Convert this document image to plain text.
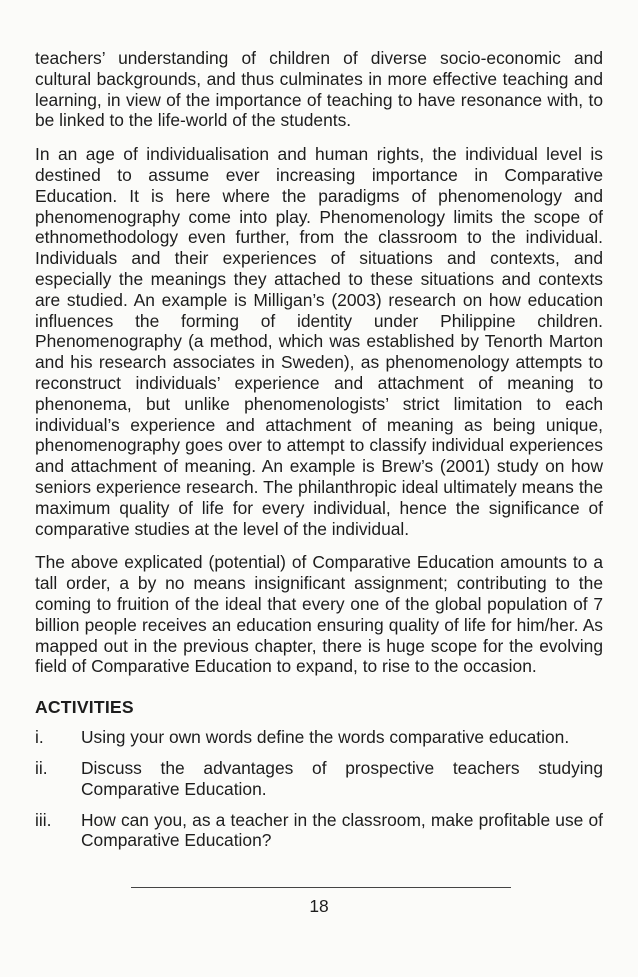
teachers’ understanding of children of diverse socio-economic and cultural backgrounds, and thus culminates in more effective teaching and learning, in view of the importance of teaching to have resonance with, to be linked to the life-world of the students.

In an age of individualisation and human rights, the individual level is destined to assume ever increasing importance in Comparative Education. It is here where the paradigms of phenomenology and phenomenography come into play. Phenomenology limits the scope of ethnomethodology even further, from the classroom to the individual. Individuals and their experiences of situations and contexts, and especially the meanings they attached to these situations and contexts are studied. An example is Milligan’s (2003) research on how education influences the forming of identity under Philippine children. Phenomenography (a method, which was established by Tenorth Marton and his research associates in Sweden), as phenomenology attempts to reconstruct individuals’ experience and attachment of meaning to phenonema, but unlike phenomenologists’ strict limitation to each individual’s experience and attachment of meaning as being unique, phenomenography goes over to attempt to classify individual experiences and attachment of meaning. An example is Brew’s (2001) study on how seniors experience research. The philanthropic ideal ultimately means the maximum quality of life for every individual, hence the significance of comparative studies at the level of the individual.

The above explicated (potential) of Comparative Education amounts to a tall order, a by no means insignificant assignment; contributing to the coming to fruition of the ideal that every one of the global population of 7 billion people receives an education ensuring quality of life for him/her. As mapped out in the previous chapter, there is huge scope for the evolving field of Comparative Education to expand, to rise to the occasion.

ACTIVITIES
i.	Using your own words define the words comparative education.
ii.	Discuss the advantages of prospective teachers studying Comparative Education.
iii.	How can you, as a teacher in the classroom, make profitable use of Comparative Education?
18
